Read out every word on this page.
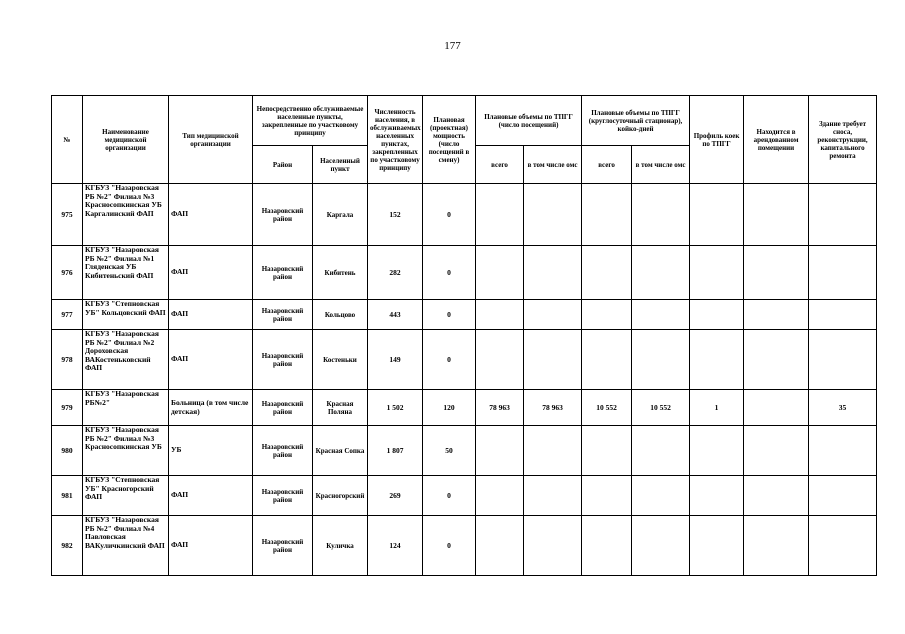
177
№	Наименование медицинской организации	Тип медицинской организации	Непосредственно обслуживаемые населенные пункты, закрепленные по участковому принципу		Численность населения, в обслуживаемых населенных пунктах, закрепленных по участковому принципу	Плановая (проектная) мощность (число посещений в смену)	Плановые объемы по ТПГГ (число посещений)		Плановые объемы по ТПГГ (круглосуточный стационар), койко-дней		Профиль коек по ТПГГ	Находится в арендованном помещении	Здание требует сноса, реконструкции, капитального ремонта
			Район	Населенный пункт			всего	в том числе омс	всего	в том числе омс			
975	КГБУЗ "Назаровская РБ №2" Филиал №3 Красносопкинская УБ Каргалинский ФАП	ФАП	Назаровский район	Каргала	152	0							
976	КГБУЗ "Назаровская РБ №2" Филиал №1 Гляденская УБ Кибитеньский ФАП	ФАП	Назаровский район	Кибитень	282	0							
977	КГБУЗ "Степновская УБ" Кольцовский ФАП	ФАП	Назаровский район	Кольцово	443	0							
978	КГБУЗ "Назаровская РБ №2" Филиал №2 Дороховская ВАКостеньковский ФАП	ФАП	Назаровский район	Костеньки	149	0							
979	КГБУЗ "Назаровская РБ№2"	Больница (в том числе детская)	Назаровский район	Красная Поляна	1 502	120	78 963	78 963	10 552	10 552	1		35
980	КГБУЗ "Назаровская РБ №2" Филиал №3 Красносопкинская УБ	УБ	Назаровский район	Красная Сопка	1 807	50							
981	КГБУЗ "Степновская УБ" Красногорский ФАП	ФАП	Назаровский район	Красногорский	269	0							
982	КГБУЗ "Назаровская РБ №2" Филиал №4 Павловская ВАКуличкинский ФАП	ФАП	Назаровский район	Куличка	124	0							
